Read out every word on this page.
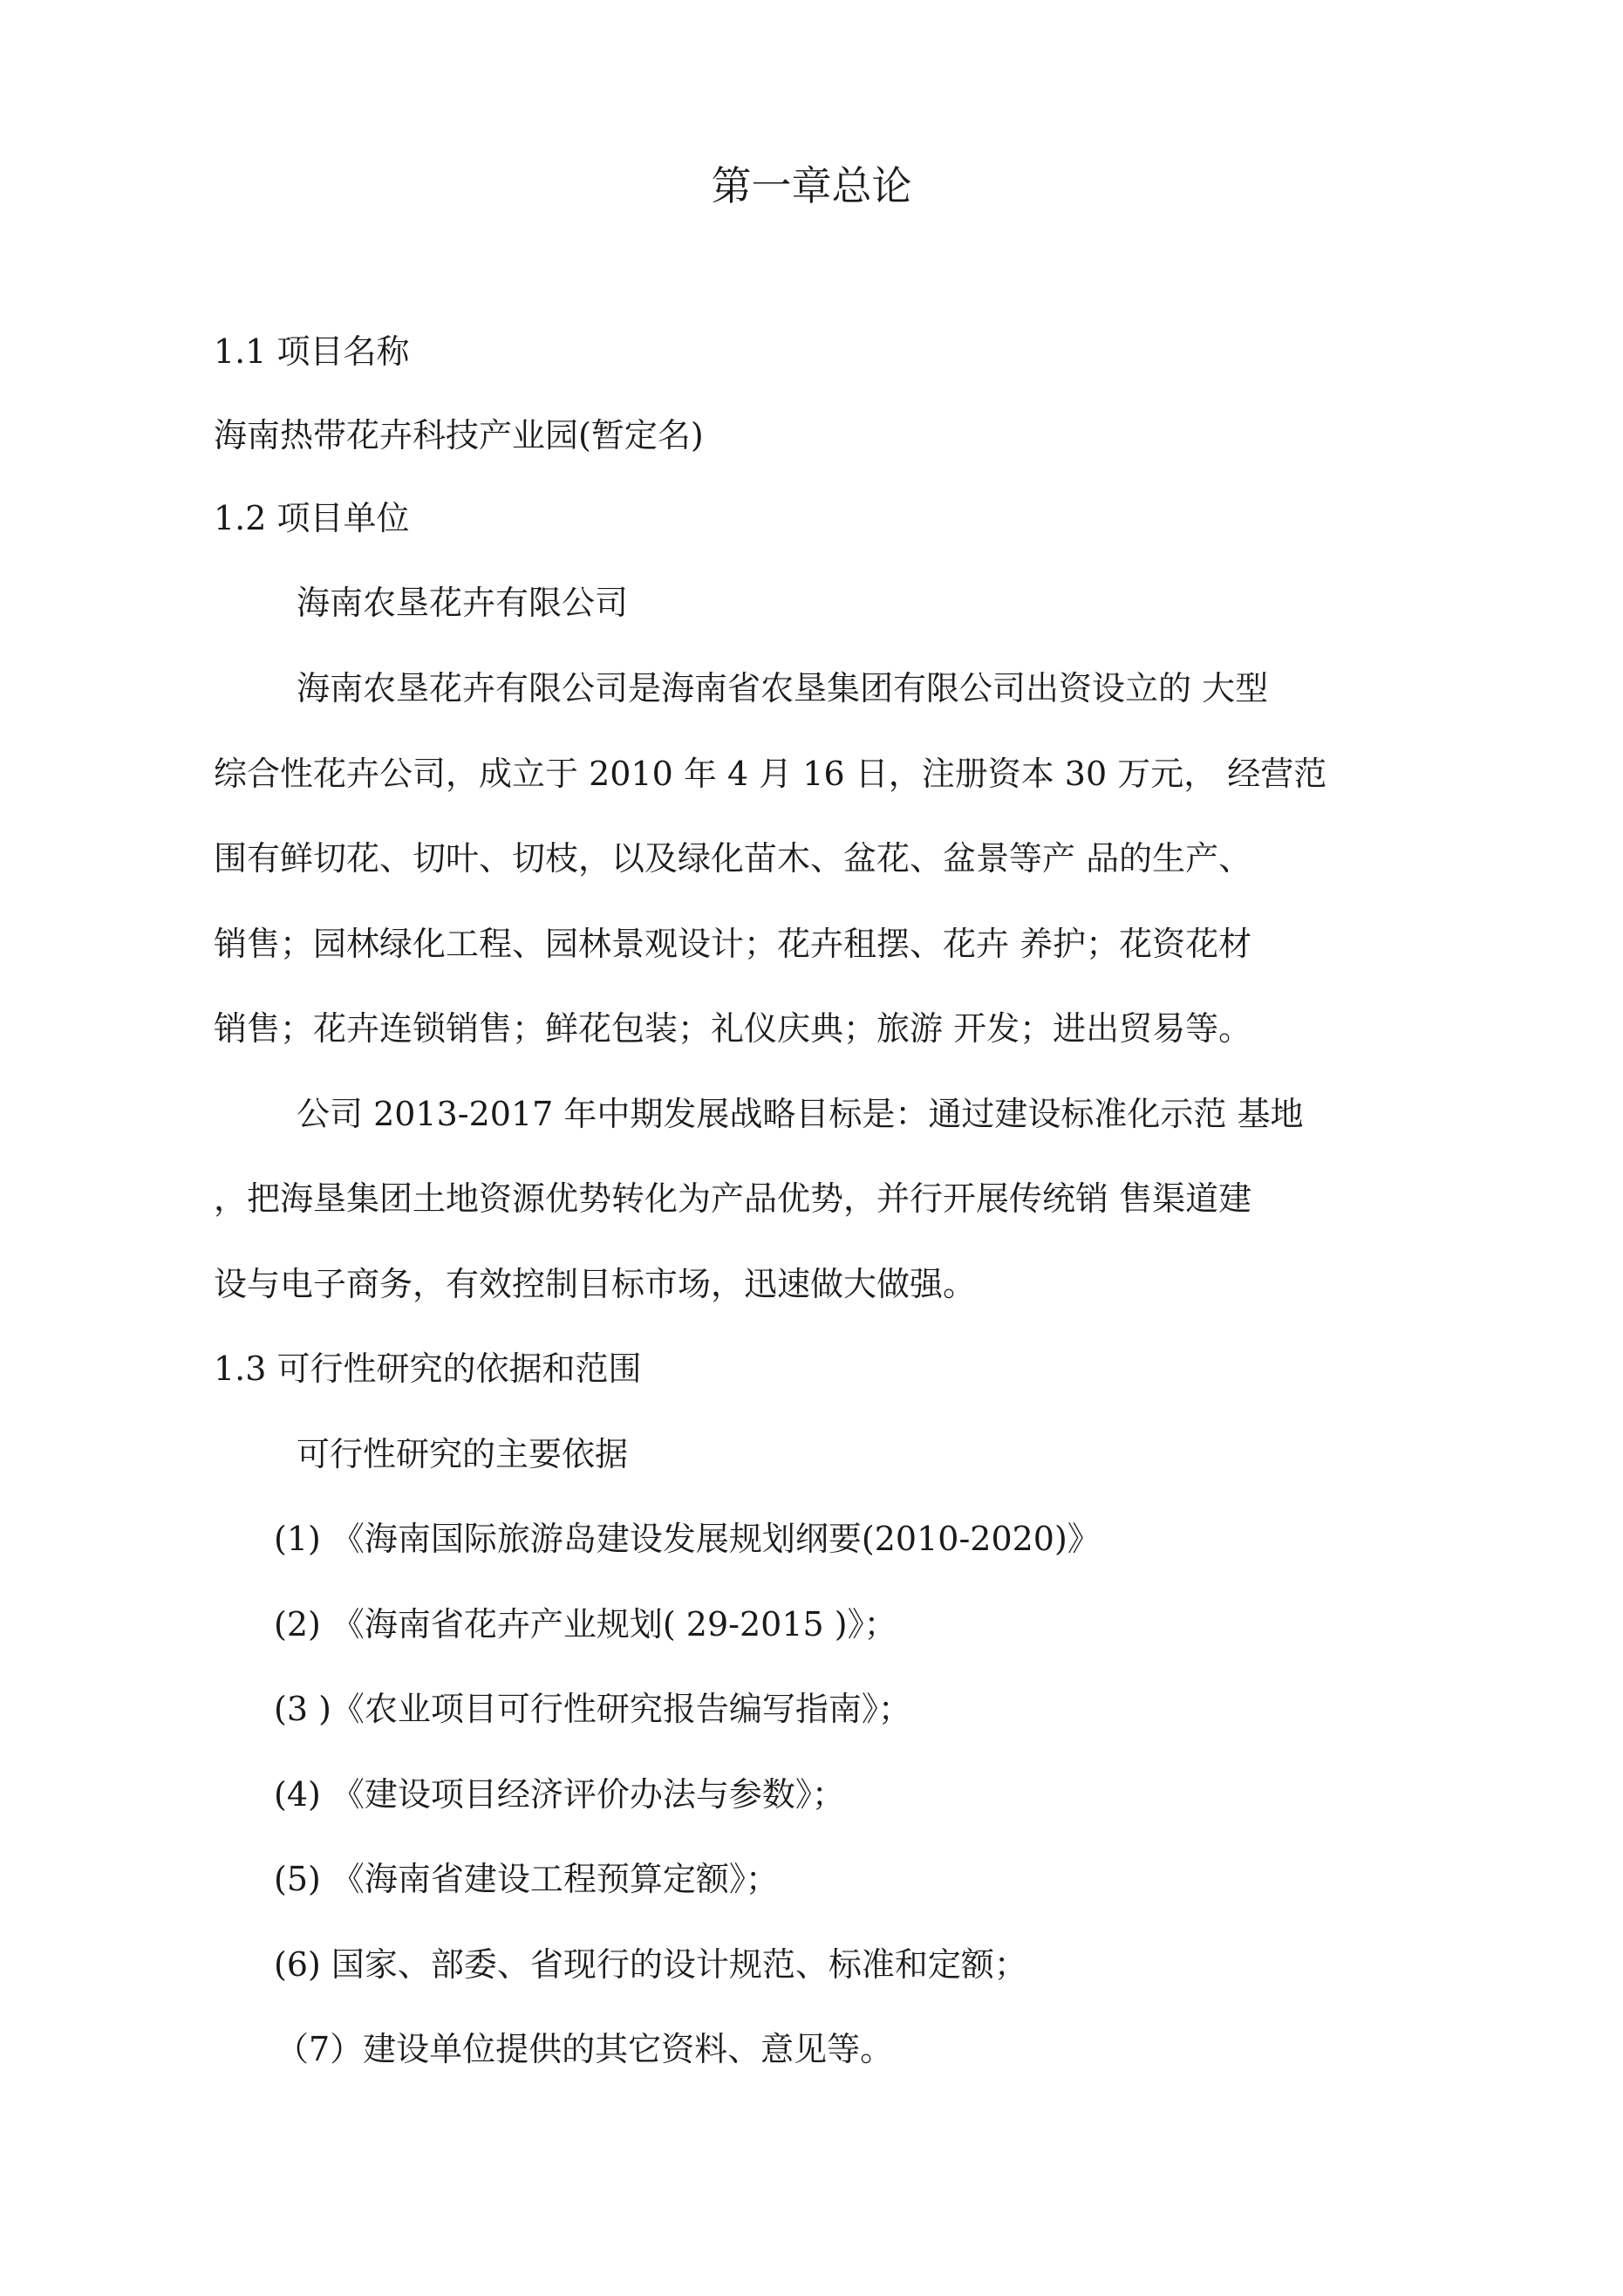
第一章总论
1.1 项目名称
海南热带花卉科技产业园(暂定名)
1.2 项目单位
海南农垦花卉有限公司
海南农垦花卉有限公司是海南省农垦集团有限公司出资设立的 大型
综合性花卉公司，成立于 2010 年 4 月 16 日，注册资本 30 万元， 经营范
围有鲜切花、切叶、切枝，以及绿化苗木、盆花、盆景等产 品的生产、
销售；园林绿化工程、园林景观设计；花卉租摆、花卉 养护；花资花材
销售；花卉连锁销售；鲜花包装；礼仪庆典；旅游 开发；进出贸易等。
公司 2013-2017 年中期发展战略目标是：通过建设标准化示范 基地
，把海垦集团土地资源优势转化为产品优势，并行开展传统销 售渠道建
设与电子商务，有效控制目标市场，迅速做大做强。
1.3 可行性研究的依据和范围
可行性研究的主要依据
(1) 《海南国际旅游岛建设发展规划纲要(2010-2020)》
(2) 《海南省花卉产业规划( 29-2015 )》；
(3 )《农业项目可行性研究报告编写指南》；
(4) 《建设项目经济评价办法与参数》；
(5) 《海南省建设工程预算定额》；
(6) 国家、部委、省现行的设计规范、标准和定额；
（7）建设单位提供的其它资料、意见等。
